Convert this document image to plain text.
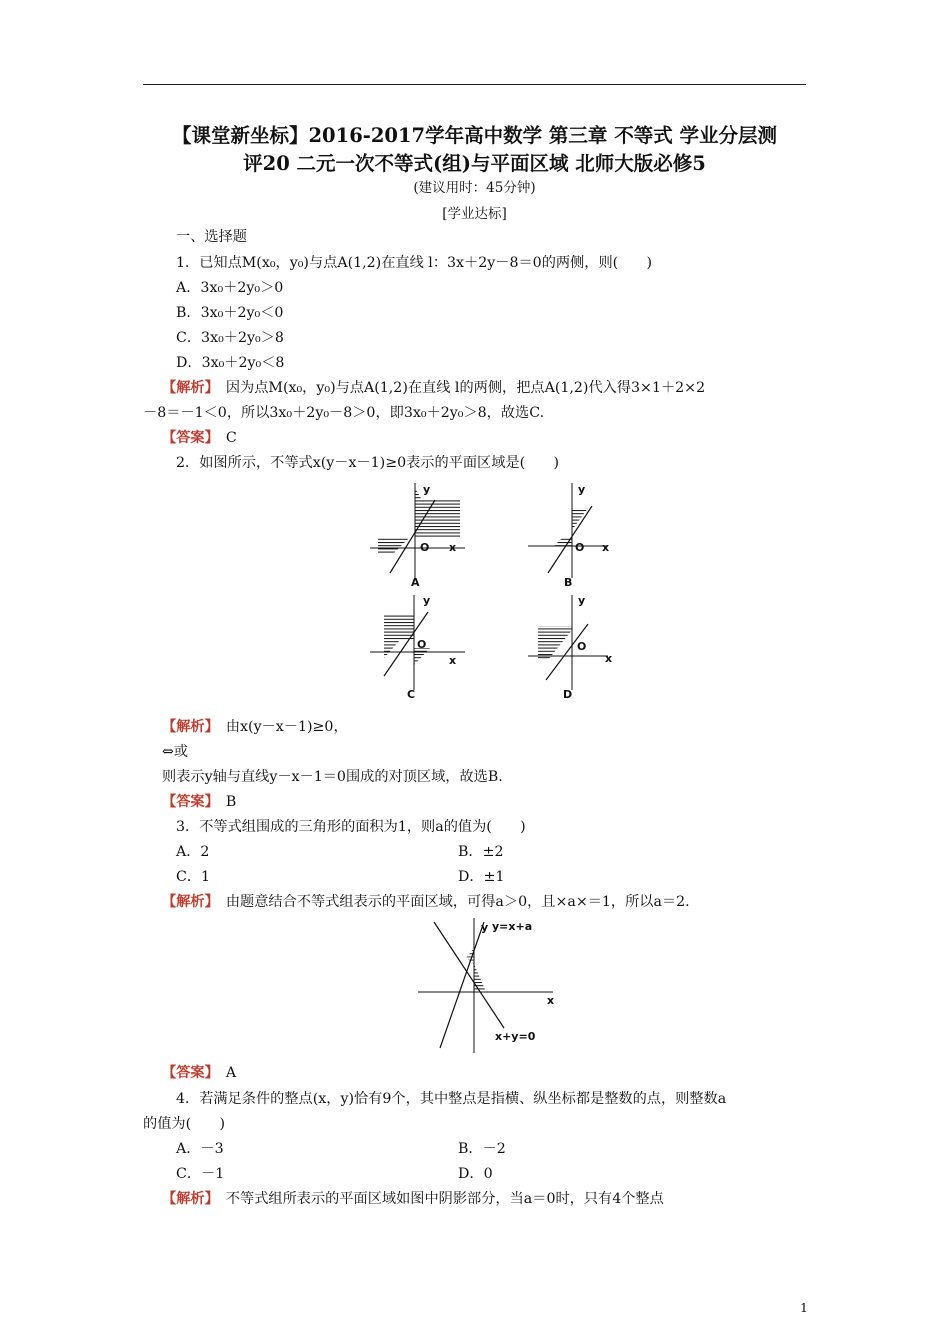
【课堂新坐标】2016-2017学年高中数学 第三章 不等式 学业分层测
评20 二元一次不等式(组)与平面区域 北师大版必修5
(建议用时：45分钟)
[学业达标]
一、选择题
1．已知点M(x₀，y₀)与点A(1,2)在直线 l：3x＋2y－8＝0的两侧，则(　　)
A．3x₀＋2y₀＞0
B．3x₀＋2y₀＜0
C．3x₀＋2y₀＞8
D．3x₀＋2y₀＜8
【解析】　 因为点M(x₀，y₀)与点A(1,2)在直线 l的两侧，把点A(1,2)代入得3×1＋2×2
－8＝－1＜0，所以3x₀＋2y₀－8＞0，即3x₀＋2y₀＞8，故选C.
【答案】　 C
2．如图所示，不等式x(y－x－1)≥0表示的平面区域是(　　)
y
O x
A
y
O x
B
y
O
x
C
y
O
x
D
【解析】　 由x(y－x－1)≥0，
⇔或
则表示y轴与直线y－x－1＝0围成的对顶区域，故选B.
【答案】　 B
3．不等式组围成的三角形的面积为1，则a的值为(　　)
A．2	B．±2
C．1	D．±1
【解析】　 由题意结合不等式组表示的平面区域，可得a＞0，且×a×＝1，所以a＝2.
y y=x+a
x
x+y=0
【答案】　 A
4．若满足条件的整点(x，y)恰有9个，其中整点是指横、纵坐标都是整数的点，则整数a
的值为(　　)
A．－3	B．－2
C．－1	D．0
【解析】　 不等式组所表示的平面区域如图中阴影部分，当a＝0时，只有4个整点
1
